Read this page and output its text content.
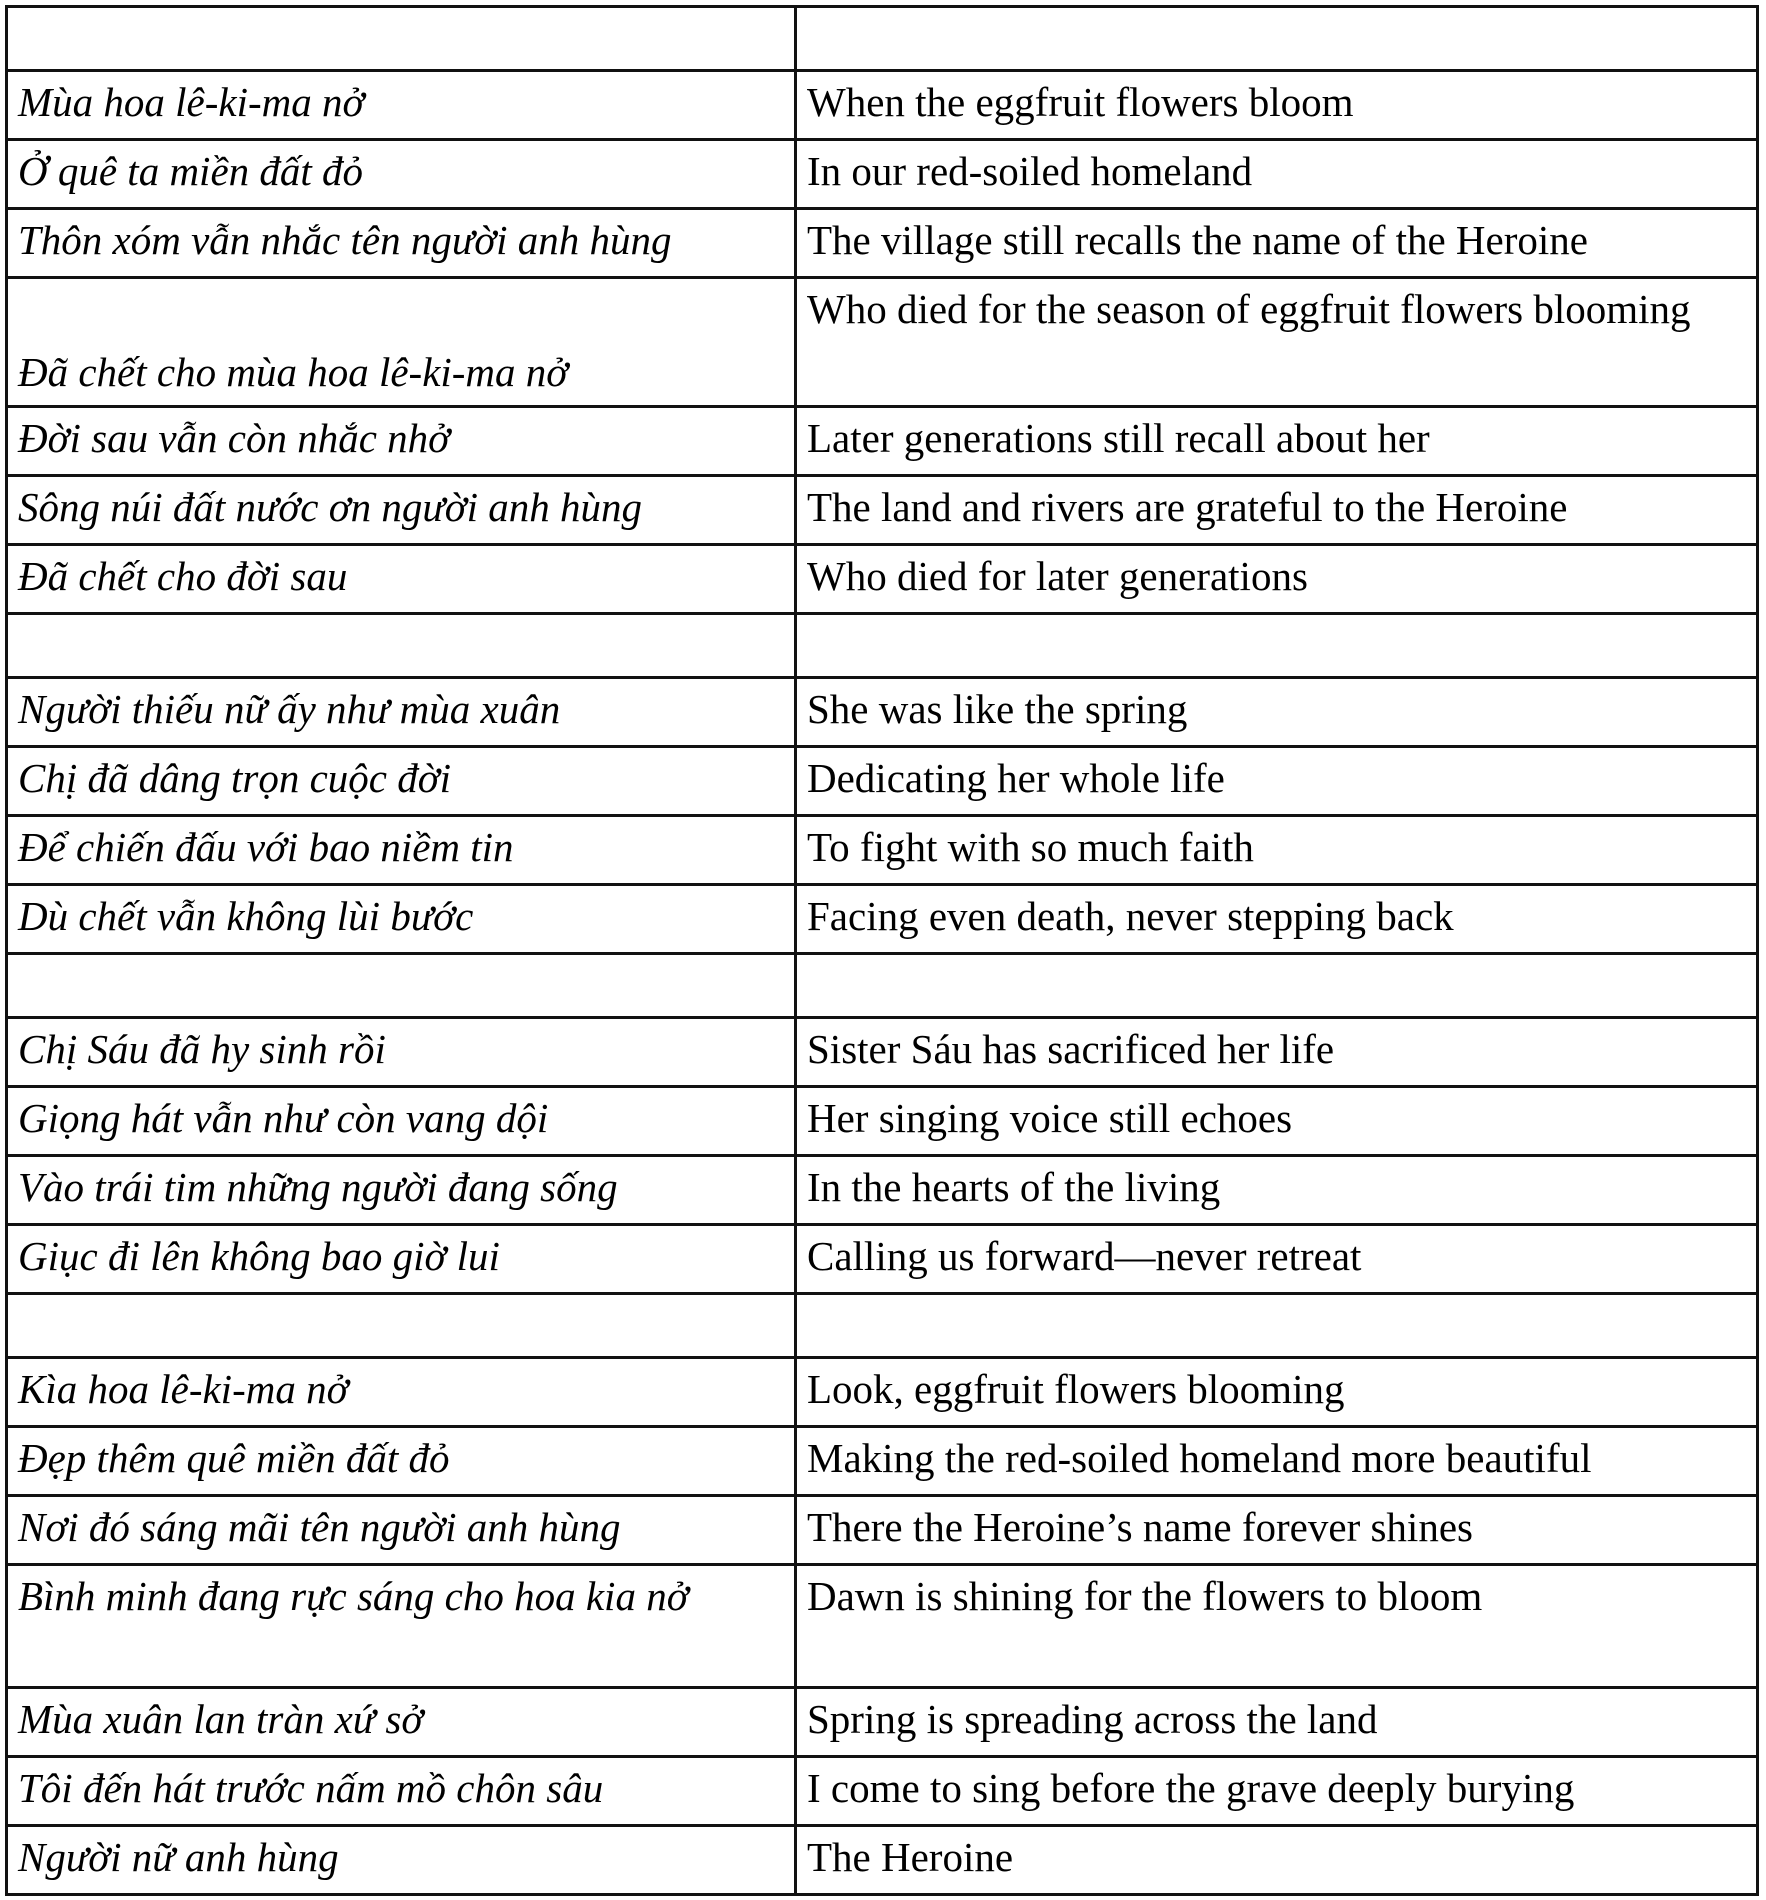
Mùa hoa lê-ki-ma nở	When the eggfruit flowers bloom
Ở quê ta miền đất đỏ	In our red-soiled homeland
Thôn xóm vẫn nhắc tên người anh hùng	The village still recalls the name of the Heroine
Đã chết cho mùa hoa lê-ki-ma nở	Who died for the season of eggfruit flowers blooming
Đời sau vẫn còn nhắc nhở	Later generations still recall about her
Sông núi đất nước ơn người anh hùng	The land and rivers are grateful to the Heroine
Đã chết cho đời sau	Who died for later generations

Người thiếu nữ ấy như mùa xuân	She was like the spring
Chị đã dâng trọn cuộc đời	Dedicating her whole life
Để chiến đấu với bao niềm tin	To fight with so much faith
Dù chết vẫn không lùi bước	Facing even death, never stepping back

Chị Sáu đã hy sinh rồi	Sister Sáu has sacrificed her life
Giọng hát vẫn như còn vang dội	Her singing voice still echoes
Vào trái tim những người đang sống	In the hearts of the living
Giục đi lên không bao giờ lui	Calling us forward—never retreat

Kìa hoa lê-ki-ma nở	Look, eggfruit flowers blooming
Đẹp thêm quê miền đất đỏ	Making the red-soiled homeland more beautiful
Nơi đó sáng mãi tên người anh hùng	There the Heroine’s name forever shines
Bình minh đang rực sáng cho hoa kia nở	Dawn is shining for the flowers to bloom
Mùa xuân lan tràn xứ sở	Spring is spreading across the land
Tôi đến hát trước nấm mồ chôn sâu	I come to sing before the grave deeply burying
Người nữ anh hùng	The Heroine
